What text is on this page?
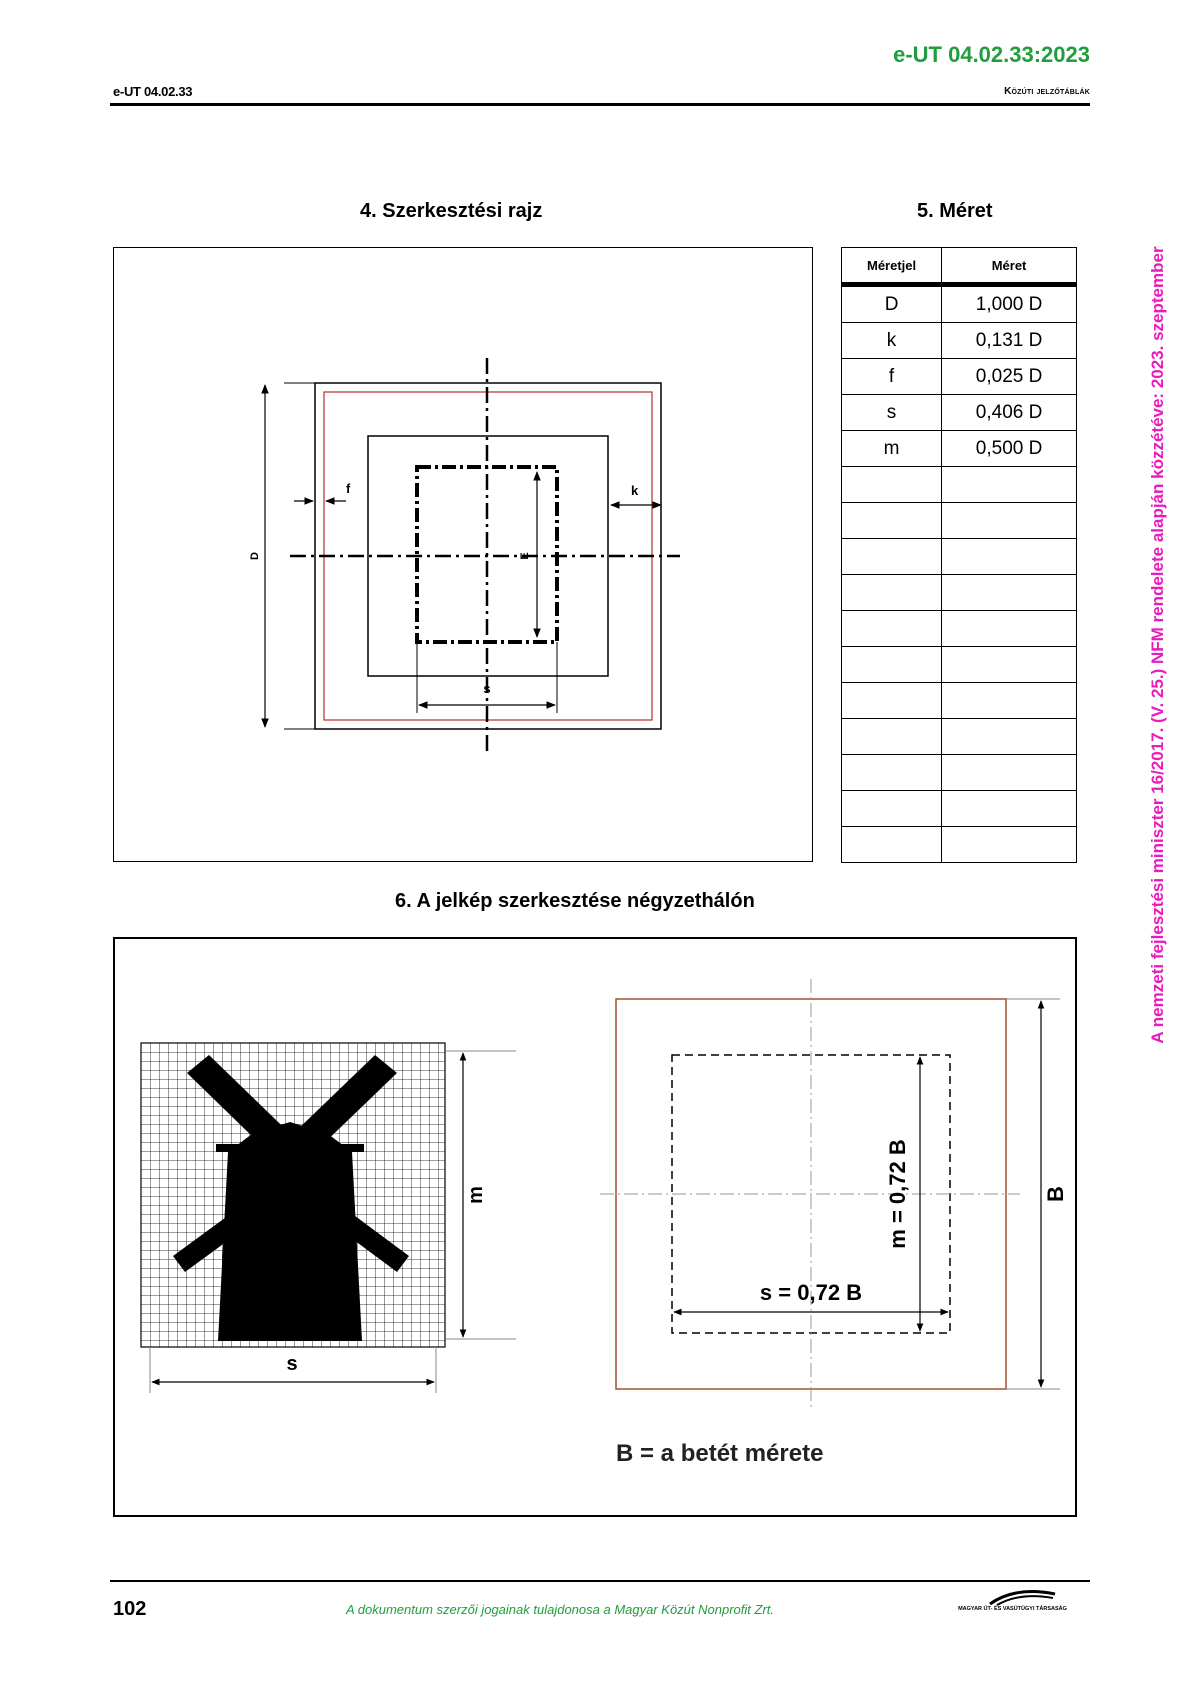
e-UT 04.02.33:2023
e-UT 04.02.33	Közúti jelzőtáblák
A nemzeti fejlesztési miniszter 16/2017. (V. 25.) NFM rendelete alapján közzétéve: 2023. szeptember
4. Szerkesztési rajz	5. Méret
6. A jelkép szerkesztése négyzethálón
D
f	k
E
s
Méretjel	Méret
D	1,000 D
k	0,131 D
f	0,025 D
s	0,406 D
m	0,500 D

m
s
m = 0,72 B
s = 0,72 B
B
B = a betét mérete
102	A dokumentum szerzői jogainak tulajdonosa a Magyar Közút Nonprofit Zrt.	MAGYAR ÚT- ÉS VASÚTÜGYI TÁRSASÁG
